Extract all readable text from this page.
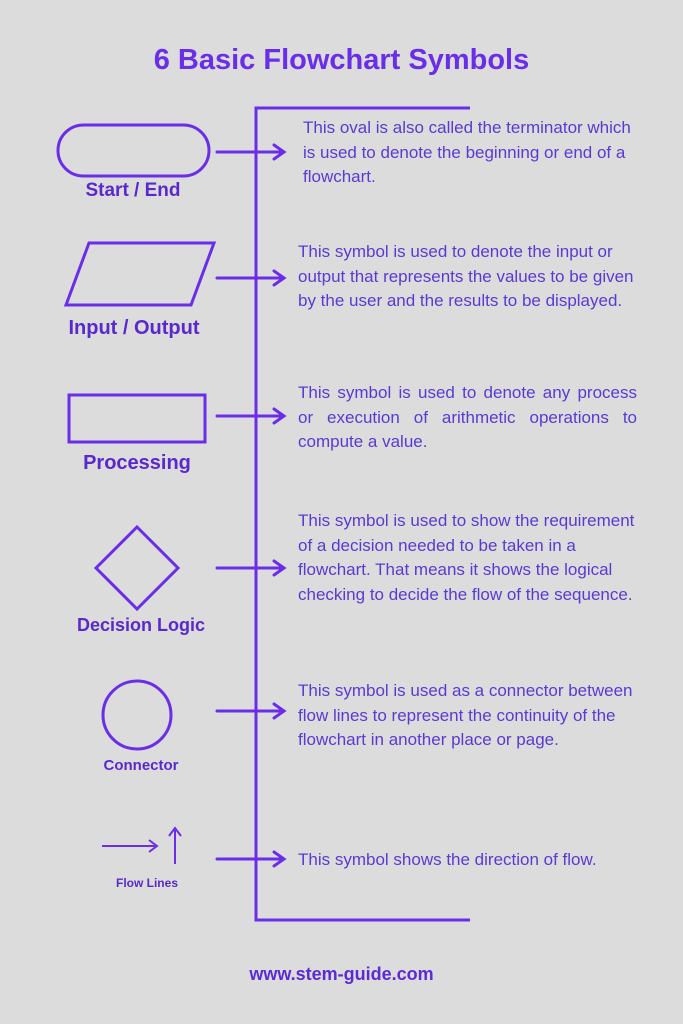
6 Basic Flowchart Symbols
Start / End
Input / Output
Processing
Decision Logic
Connector
Flow Lines
This oval is also called the terminator which is used to denote the beginning or end of a flowchart.
This symbol is used to denote the input or output that represents the values to be given by the user and the results to be displayed.
This symbol is used to denote any process or execution of arithmetic operations to compute a value.
This symbol is used to show the requirement of a decision needed to be taken in a flowchart. That means it shows the logical checking to decide the flow of the sequence.
This symbol is used as a connector between flow lines to represent the continuity of the flowchart in another place or page.
This symbol shows the direction of flow.
www.stem-guide.com
